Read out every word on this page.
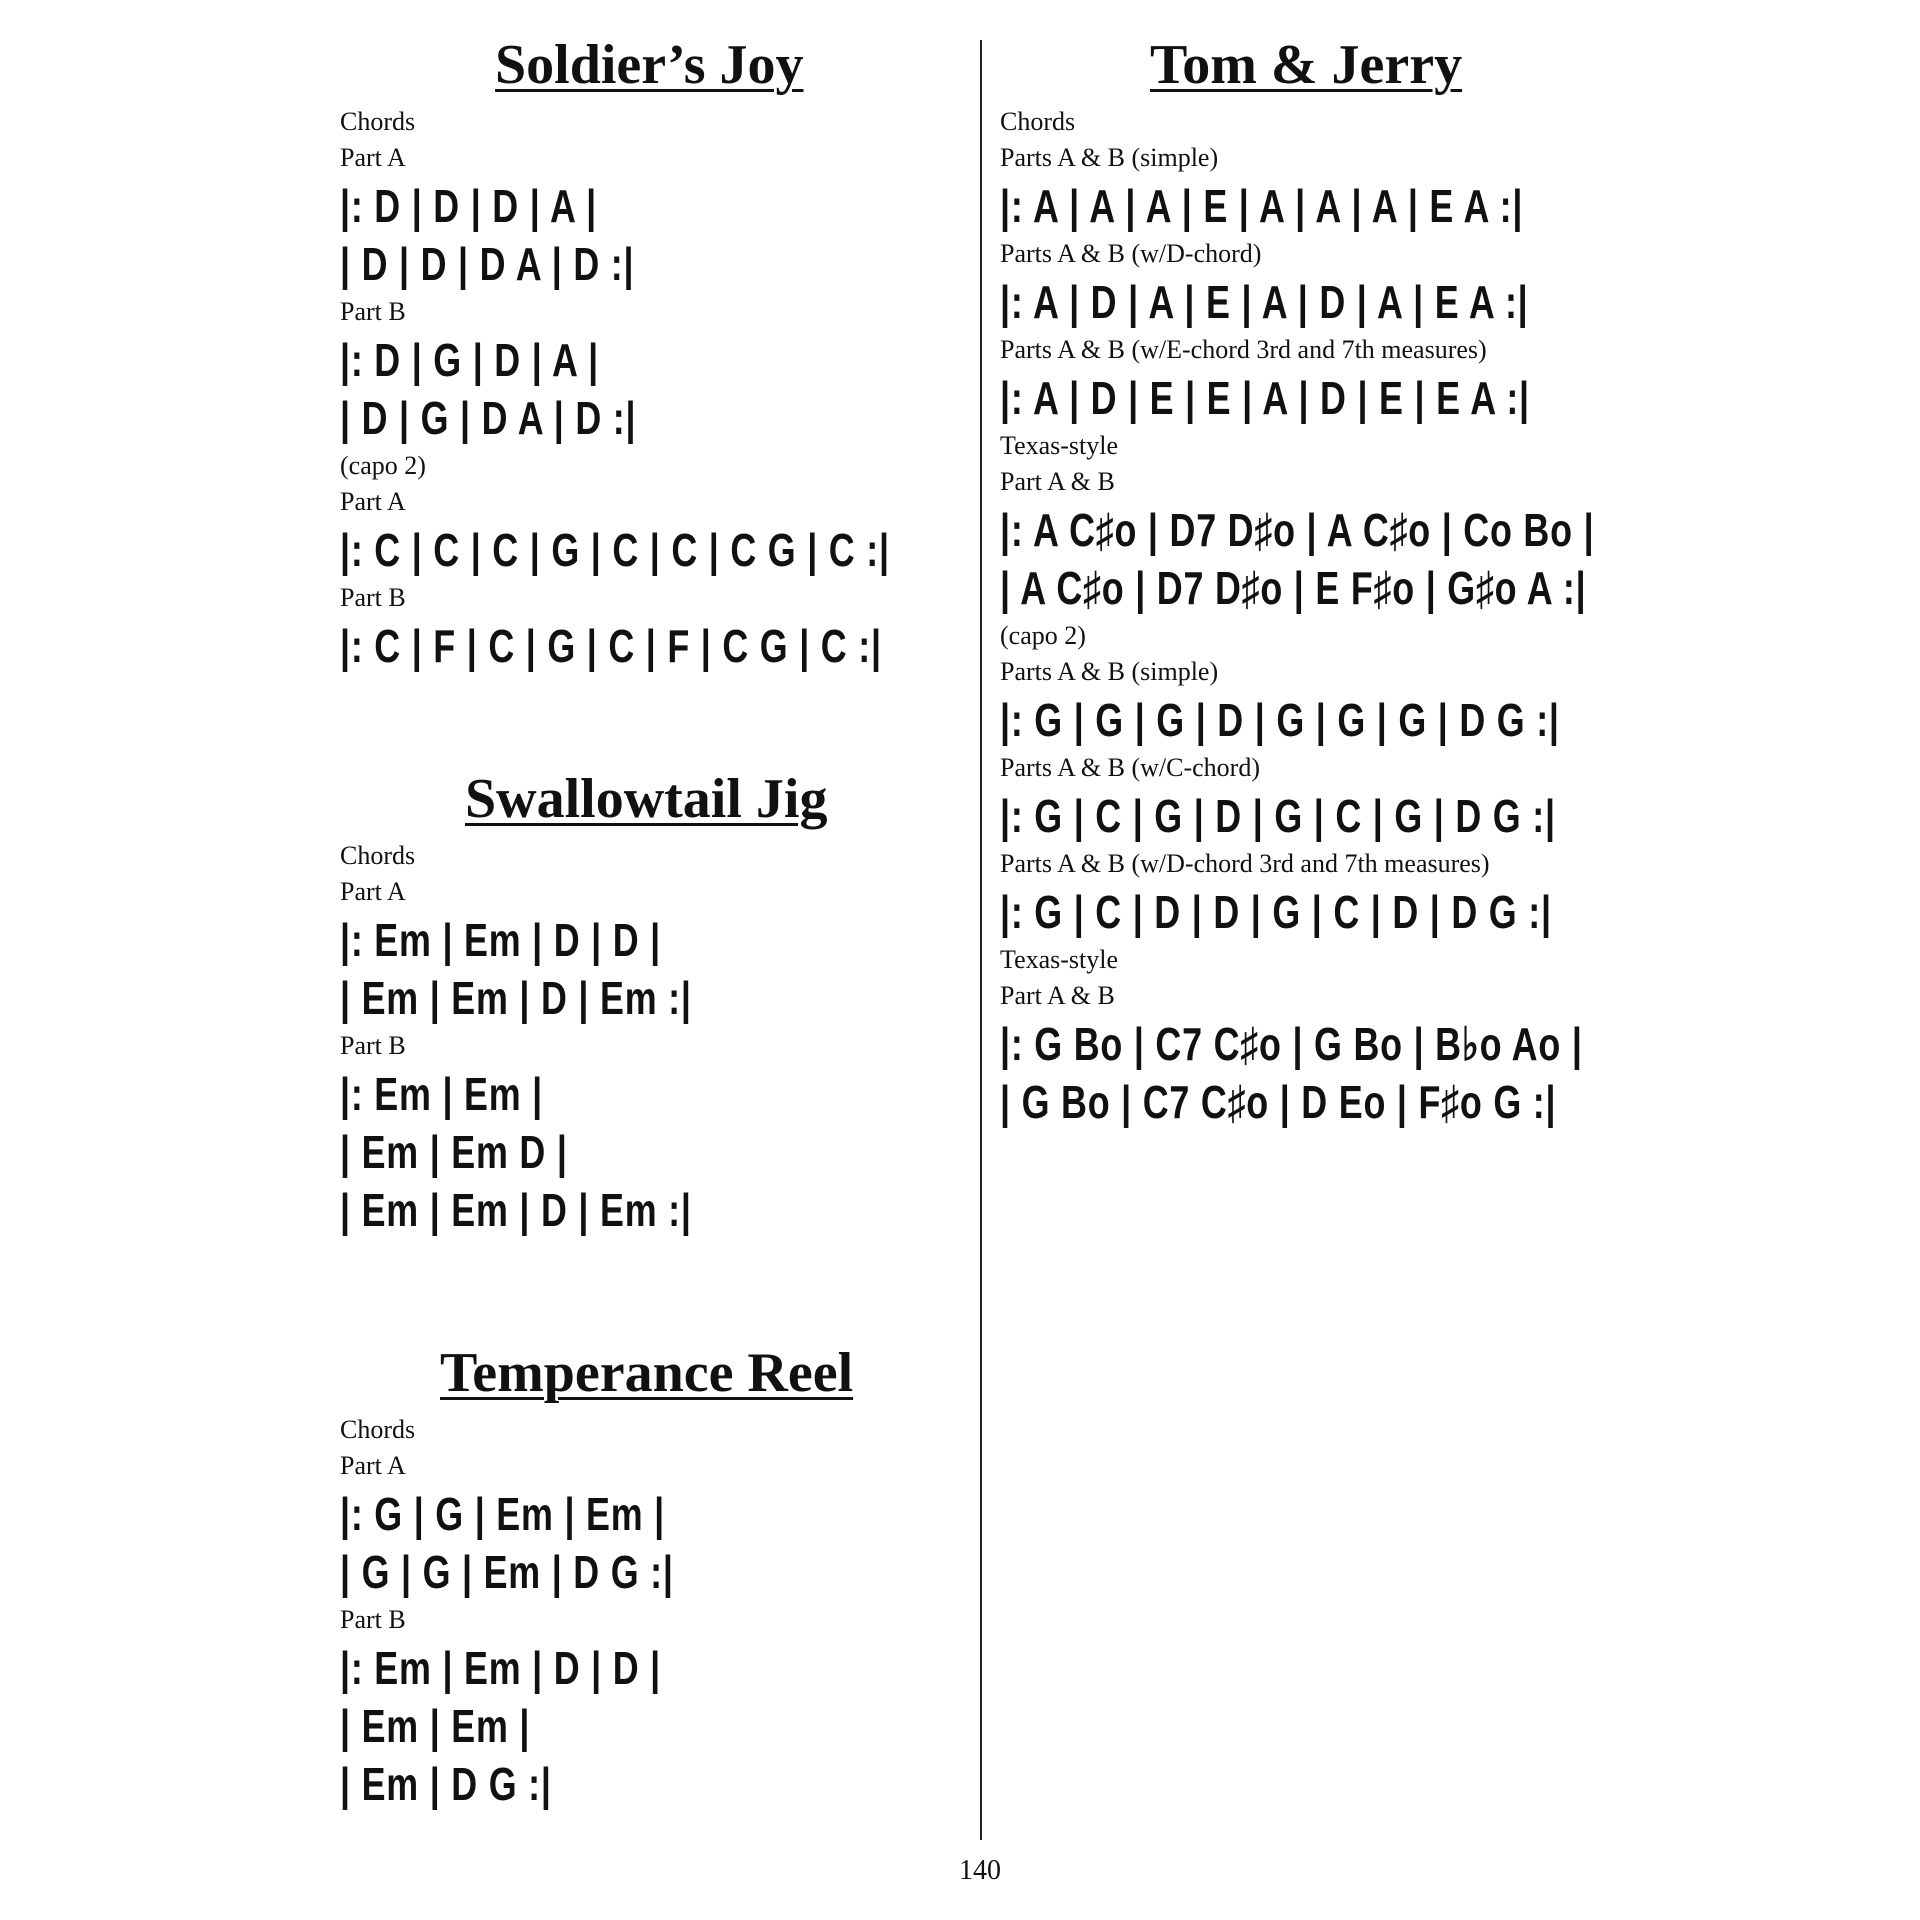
Soldier’s Joy

Chords

Part A

|: D | D | D | A |
| D | D | D A | D :|

Part B

|: D | G | D | A |
| D | G | D A | D :|

(capo 2)

Part A

|: C | C | C | G | C | C | C G | C :|

Part B

|: C | F | C | G | C | F | C G | C :|
Swallowtail Jig

Chords

Part A

|: Em | Em | D | D |
| Em | Em | D | Em :|

Part B

|: Em | Em |
| Em | Em D |
| Em | Em | D | Em :|
Temperance Reel

Chords

Part A

|: G | G | Em | Em |
| G | G | Em | D G :|

Part B

|: Em | Em | D | D |
| Em | Em |
| Em | D G :|
Tom & Jerry

Chords

Parts A & B (simple)

|: A | A | A | E | A | A | A | E A :|

Parts A & B (w/D-chord)

|: A | D | A | E | A | D | A | E A :|

Parts A & B (w/E-chord 3rd and 7th measures)

|: A | D | E | E | A | D | E | E A :|

Texas-style

Part A & B

|: A C♯o | D7 D♯o | A C♯o | Co Bo |
| A C♯o | D7 D♯o | E F♯o | G♯o A :|

(capo 2)

Parts A & B (simple)

|: G | G | G | D | G | G | G | D G :|

Parts A & B (w/C-chord)

|: G | C | G | D | G | C | G | D G :|

Parts A & B (w/D-chord 3rd and 7th measures)

|: G | C | D | D | G | C | D | D G :|

Texas-style

Part A & B

|: G Bo | C7 C♯o | G Bo | B♭o Ao |
| G Bo | C7 C♯o | D Eo | F♯o G :|
140
